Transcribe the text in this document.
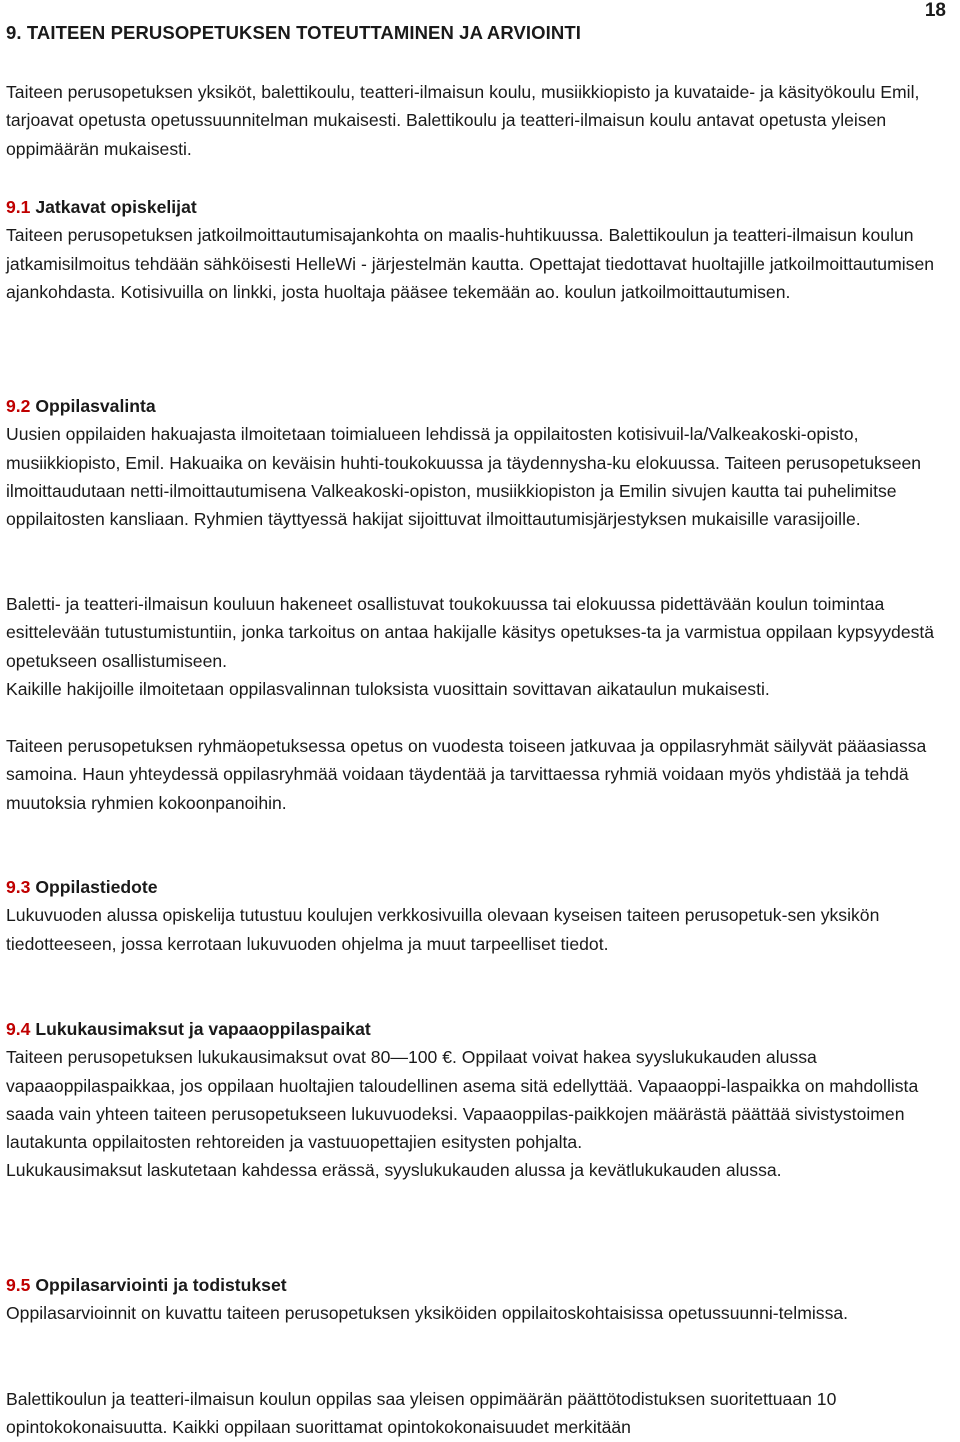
18
9. TAITEEN PERUSOPETUKSEN TOTEUTTAMINEN JA ARVIOINTI

Taiteen perusopetuksen yksiköt, balettikoulu, teatteri-ilmaisun koulu, musiikkiopisto ja kuvataide- ja käsityökoulu Emil, tarjoavat opetusta opetussuunnitelman mukaisesti. Balettikoulu ja teatteri-ilmaisun koulu antavat opetusta yleisen oppimäärän mukaisesti.

9.1 Jatkavat opiskelijat

Taiteen perusopetuksen jatkoilmoittautumisajankohta on maalis-huhtikuussa. Balettikoulun ja teatteri-ilmaisun koulun jatkamisilmoitus tehdään sähköisesti HelleWi - järjestelmän kautta. Opettajat tiedottavat huoltajille jatkoilmoittautumisen ajankohdasta. Kotisivuilla on linkki, josta huoltaja pääsee tekemään ao. koulun jatkoilmoittautumisen.

9.2 Oppilasvalinta

Uusien oppilaiden hakuajasta ilmoitetaan toimialueen lehdissä ja oppilaitosten kotisivuil-la/Valkeakoski-opisto, musiikkiopisto, Emil. Hakuaika on keväisin huhti-toukokuussa ja täydennysha-ku elokuussa. Taiteen perusopetukseen ilmoittaudutaan netti-ilmoittautumisena Valkeakoski-opiston, musiikkiopiston ja Emilin sivujen kautta tai puhelimitse oppilaitosten kansliaan. Ryhmien täyttyessä hakijat sijoittuvat ilmoittautumisjärjestyksen mukaisille varasijoille.

Baletti- ja teatteri-ilmaisun kouluun hakeneet osallistuvat toukokuussa tai elokuussa pidettävään koulun toimintaa esittelevään tutustumistuntiin, jonka tarkoitus on antaa hakijalle käsitys opetukses-ta ja varmistua oppilaan kypsyydestä opetukseen osallistumiseen.

Kaikille hakijoille ilmoitetaan oppilasvalinnan tuloksista vuosittain sovittavan aikataulun mukaisesti.

Taiteen perusopetuksen ryhmäopetuksessa opetus on vuodesta toiseen jatkuvaa ja oppilasryhmät säilyvät pääasiassa samoina. Haun yhteydessä oppilasryhmää voidaan täydentää ja tarvittaessa ryhmiä voidaan myös yhdistää ja tehdä muutoksia ryhmien kokoonpanoihin.

9.3 Oppilastiedote

Lukuvuoden alussa opiskelija tutustuu koulujen verkkosivuilla olevaan kyseisen taiteen perusopetuk-sen yksikön tiedotteeseen, jossa kerrotaan lukuvuoden ohjelma ja muut tarpeelliset tiedot.

9.4 Lukukausimaksut ja vapaaoppilaspaikat

Taiteen perusopetuksen lukukausimaksut ovat 80—100 €. Oppilaat voivat hakea syyslukukauden alussa vapaaoppilaspaikkaa, jos oppilaan huoltajien taloudellinen asema sitä edellyttää. Vapaaoppi-laspaikka on mahdollista saada vain yhteen taiteen perusopetukseen lukuvuodeksi. Vapaaoppilas-paikkojen määrästä päättää sivistystoimen lautakunta oppilaitosten rehtoreiden ja vastuuopettajien esitysten pohjalta.

Lukukausimaksut laskutetaan kahdessa erässä, syyslukukauden alussa ja kevätlukukauden alussa.

9.5 Oppilasarviointi ja todistukset

Oppilasarvioinnit on kuvattu taiteen perusopetuksen yksiköiden oppilaitoskohtaisissa opetussuunni-telmissa.

Balettikoulun ja teatteri-ilmaisun koulun oppilas saa yleisen oppimäärän päättötodistuksen suoritettuaan 10 opintokokonaisuutta. Kaikki oppilaan suorittamat opintokokonaisuudet merkitään
